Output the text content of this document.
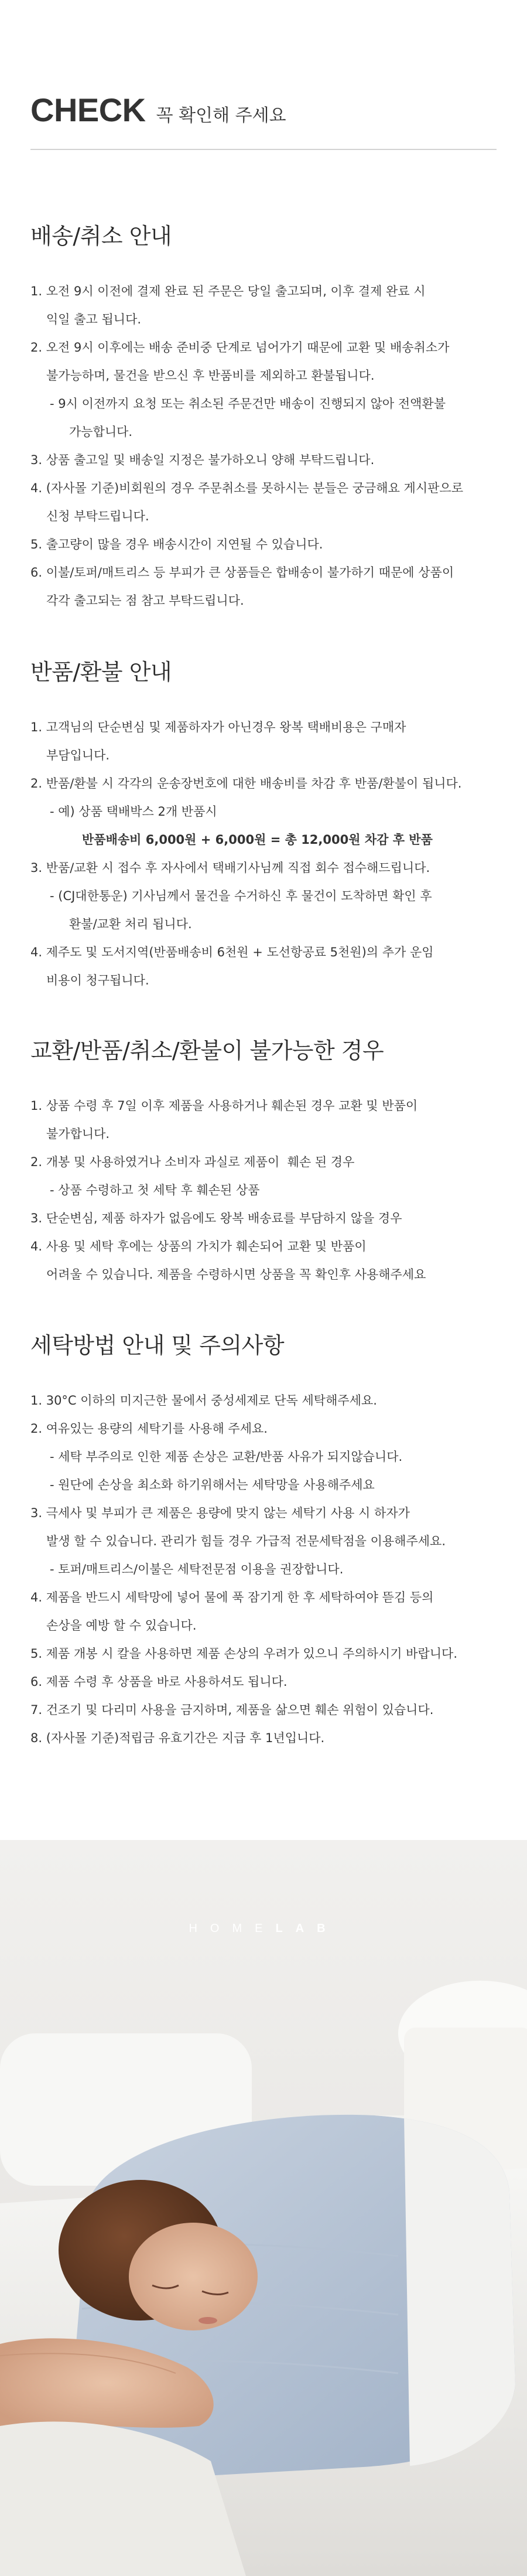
CHECK 꼭 확인해 주세요
배송/취소 안내
1. 오전 9시 이전에 결제 완료 된 주문은 당일 출고되며, 이후 결제 완료 시
익일 출고 됩니다.
2. 오전 9시 이후에는 배송 준비중 단계로 넘어가기 때문에 교환 및 배송취소가
불가능하며, 물건을 받으신 후 반품비를 제외하고 환불됩니다.
- 9시 이전까지 요청 또는 취소된 주문건만 배송이 진행되지 않아 전액환불
가능합니다.
3. 상품 출고일 및 배송일 지정은 불가하오니 양해 부탁드립니다.
4. (자사몰 기준)비회원의 경우 주문취소를 못하시는 분들은 궁금해요 게시판으로
신청 부탁드립니다.
5. 출고량이 많을 경우 배송시간이 지연될 수 있습니다.
6. 이불/토퍼/매트리스 등 부피가 큰 상품들은 합배송이 불가하기 때문에 상품이
각각 출고되는 점 참고 부탁드립니다.
반품/환불 안내
1. 고객님의 단순변심 및 제품하자가 아닌경우 왕복 택배비용은 구매자
부담입니다.
2. 반품/환불 시 각각의 운송장번호에 대한 배송비를 차감 후 반품/환불이 됩니다.
- 예) 상품 택배박스 2개 반품시
반품배송비 6,000원 + 6,000원 = 총 12,000원 차감 후 반품
3. 반품/교환 시 접수 후 자사에서 택배기사님께 직접 회수 접수해드립니다.
- (CJ대한통운) 기사님께서 물건을 수거하신 후 물건이 도착하면 확인 후
환불/교환 처리 됩니다.
4. 제주도 및 도서지역(반품배송비 6천원 + 도선항공료 5천원)의 추가 운임
비용이 청구됩니다.
교환/반품/취소/환불이 불가능한 경우
1. 상품 수령 후 7일 이후 제품을 사용하거나 훼손된 경우 교환 및 반품이
불가합니다.
2. 개봉 및 사용하였거나 소비자 과실로 제품이  훼손 된 경우
- 상품 수령하고 첫 세탁 후 훼손된 상품
3. 단순변심, 제품 하자가 없음에도 왕복 배송료를 부담하지 않을 경우
4. 사용 및 세탁 후에는 상품의 가치가 훼손되어 교환 및 반품이
어려울 수 있습니다. 제품을 수령하시면 상품을 꼭 확인후 사용해주세요
세탁방법 안내 및 주의사항
1. 30°C 이하의 미지근한 물에서 중성세제로 단독 세탁해주세요.
2. 여유있는 용량의 세탁기를 사용해 주세요.
- 세탁 부주의로 인한 제품 손상은 교환/반품 사유가 되지않습니다.
- 원단에 손상을 최소화 하기위해서는 세탁망을 사용해주세요
3. 극세사 및 부피가 큰 제품은 용량에 맞지 않는 세탁기 사용 시 하자가
발생 할 수 있습니다. 관리가 힘들 경우 가급적 전문세탁점을 이용해주세요.
- 토퍼/매트리스/이불은 세탁전문점 이용을 권장합니다.
4. 제품을 반드시 세탁망에 넣어 물에 푹 잠기게 한 후 세탁하여야 뜯김 등의
손상을 예방 할 수 있습니다.
5. 제품 개봉 시 칼을 사용하면 제품 손상의 우려가 있으니 주의하시기 바랍니다.
6. 제품 수령 후 상품을 바로 사용하셔도 됩니다.
7. 건조기 및 다리미 사용을 금지하며, 제품을 삶으면 훼손 위험이 있습니다.
8. (자사몰 기준)적립금 유효기간은 지급 후 1년입니다.
HOMELAB
